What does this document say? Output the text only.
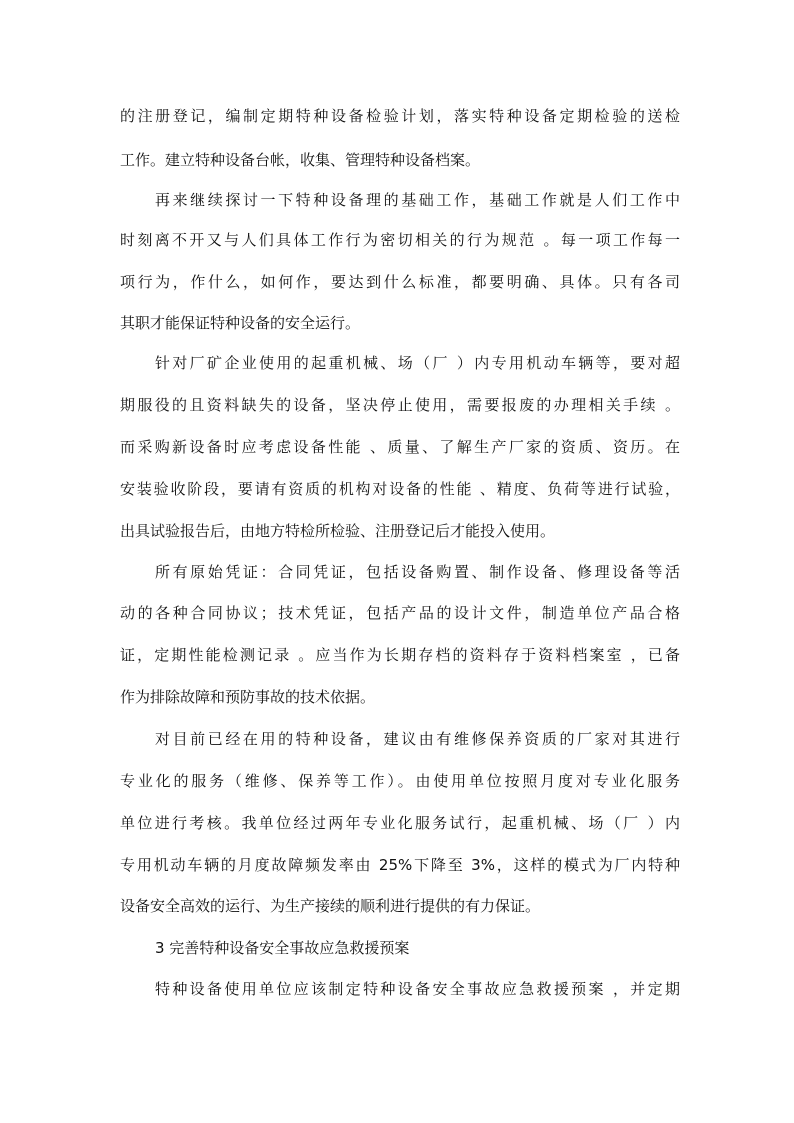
的注册登记，编制定期特种设备检验计划，落实特种设备定期检验的送检
工作。建立特种设备台帐，收集、管理特种设备档案。
再来继续探讨一下特种设备理的基础工作，基础工作就是人们工作中
时刻离不开又与人们具体工作行为密切相关的行为规范 。每一项工作每一
项行为，作什么，如何作，要达到什么标准，都要明确、具体。只有各司
其职才能保证特种设备的安全运行。
针对厂矿企业使用的起重机械、场（厂 ）内专用机动车辆等，要对超
期服役的且资料缺失的设备，坚决停止使用，需要报废的办理相关手续 。
而采购新设备时应考虑设备性能 、质量、了解生产厂家的资质、资历。在
安装验收阶段，要请有资质的机构对设备的性能 、精度、负荷等进行试验，
出具试验报告后，由地方特检所检验、注册登记后才能投入使用。
所有原始凭证：合同凭证，包括设备购置、制作设备、修理设备等活
动的各种合同协议；技术凭证，包括产品的设计文件，制造单位产品合格
证，定期性能检测记录 。应当作为长期存档的资料存于资料档案室 ，已备
作为排除故障和预防事故的技术依据。
对目前已经在用的特种设备，建议由有维修保养资质的厂家对其进行
专业化的服务（维修、保养等工作）。由使用单位按照月度对专业化服务
单位进行考核。我单位经过两年专业化服务试行，起重机械、场（厂 ）内
专用机动车辆的月度故障频发率由 25%下降至 3%，这样的模式为厂内特种
设备安全高效的运行、为生产接续的顺利进行提供的有力保证。
3 完善特种设备安全事故应急救援预案
特种设备使用单位应该制定特种设备安全事故应急救援预案 ，并定期
